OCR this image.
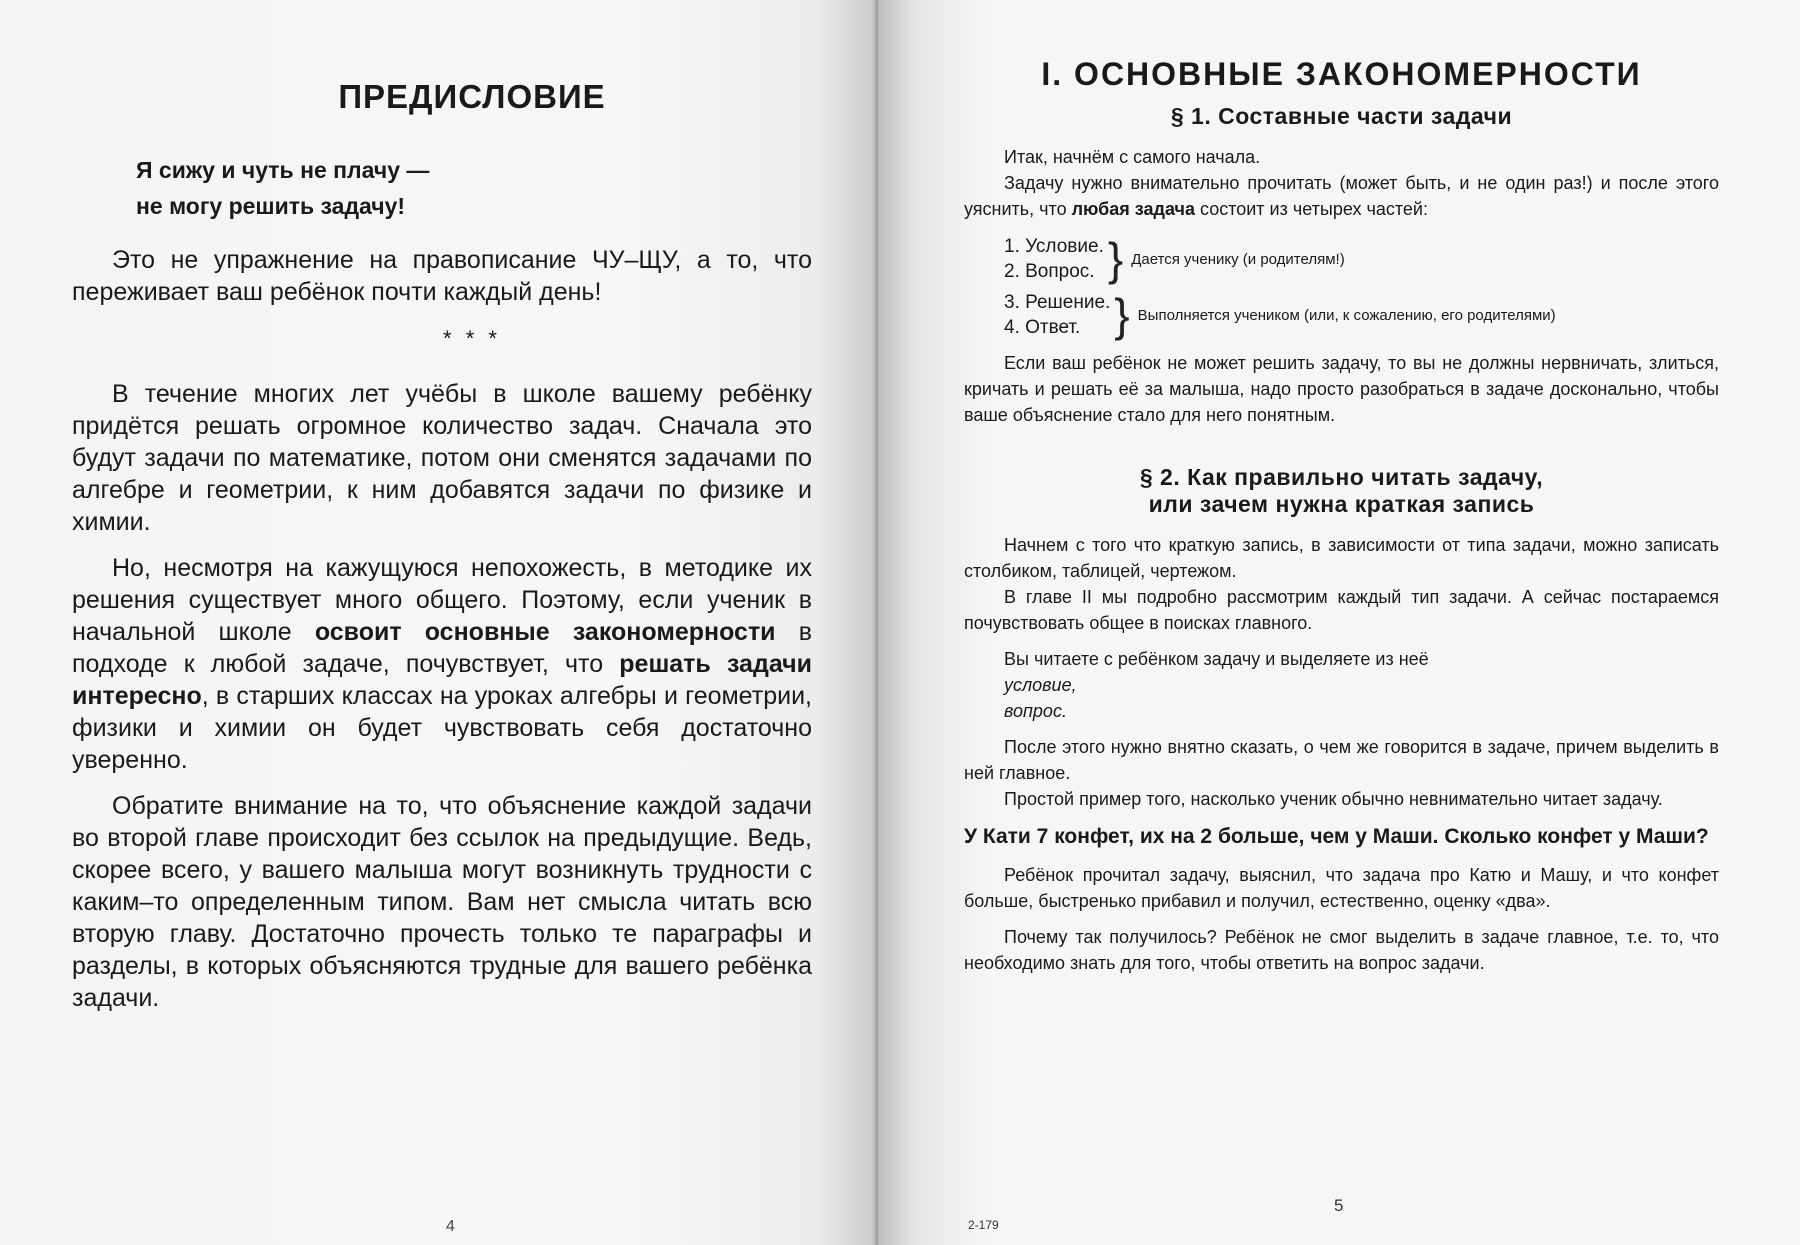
ПРЕДИСЛОВИЕ
Я сижу и чуть не плачу —
не могу решить задачу!

Это не упражнение на правописание ЧУ–ЩУ, а то, что переживает ваш ребёнок почти каждый день!

* * *

В течение многих лет учёбы в школе вашему ребёнку придётся решать огромное количество задач. Сначала это будут задачи по математике, потом они сменятся задачами по алгебре и геометрии, к ним добавятся задачи по физике и химии.

Но, несмотря на кажущуюся непохожесть, в методике их решения существует много общего. Поэтому, если ученик в начальной школе освоит основные закономерности в подходе к любой задаче, почувствует, что решать задачи интересно, в старших классах на уроках алгебры и геометрии, физики и химии он будет чувствовать себя достаточно уверенно.

Обратите внимание на то, что объяснение каждой задачи во второй главе происходит без ссылок на предыдущие. Ведь, скорее всего, у вашего малыша могут возникнуть трудности с каким–то определенным типом. Вам нет смысла читать всю вторую главу. Достаточно прочесть только те параграфы и разделы, в которых объясняются трудные для вашего ребёнка задачи.

4
I. ОСНОВНЫЕ ЗАКОНОМЕРНОСТИ
§ 1. Составные части задачи

Итак, начнём с самого начала.

Задачу нужно внимательно прочитать (может быть, и не один раз!) и после этого уяснить, что любая задача состоит из четырех частей:

1. Условие.
2. Вопрос. } Дается ученику (и родителям!)
3. Решение.
4. Ответ. } Выполняется учеником (или, к сожалению, его родителями)

Если ваш ребёнок не может решить задачу, то вы не должны нервничать, злиться, кричать и решать её за малыша, надо просто разобраться в задаче досконально, чтобы ваше объяснение стало для него понятным.

§ 2. Как правильно читать задачу,
или зачем нужна краткая запись

Начнем с того что краткую запись, в зависимости от типа задачи, можно записать столбиком, таблицей, чертежом.

В главе II мы подробно рассмотрим каждый тип задачи. А сейчас постараемся почувствовать общее в поисках главного.

Вы читаете с ребёнком задачу и выделяете из неё

условие,

вопрос.

После этого нужно внятно сказать, о чем же говорится в задаче, причем выделить в ней главное.

Простой пример того, насколько ученик обычно невнимательно читает задачу.

У Кати 7 конфет, их на 2 больше, чем у Маши. Сколько конфет у Маши?

Ребёнок прочитал задачу, выяснил, что задача про Катю и Машу, и что конфет больше, быстренько прибавил и получил, естественно, оценку «два».

Почему так получилось? Ребёнок не смог выделить в задаче главное, т.е. то, что необходимо знать для того, чтобы ответить на вопрос задачи.

5
2-179
